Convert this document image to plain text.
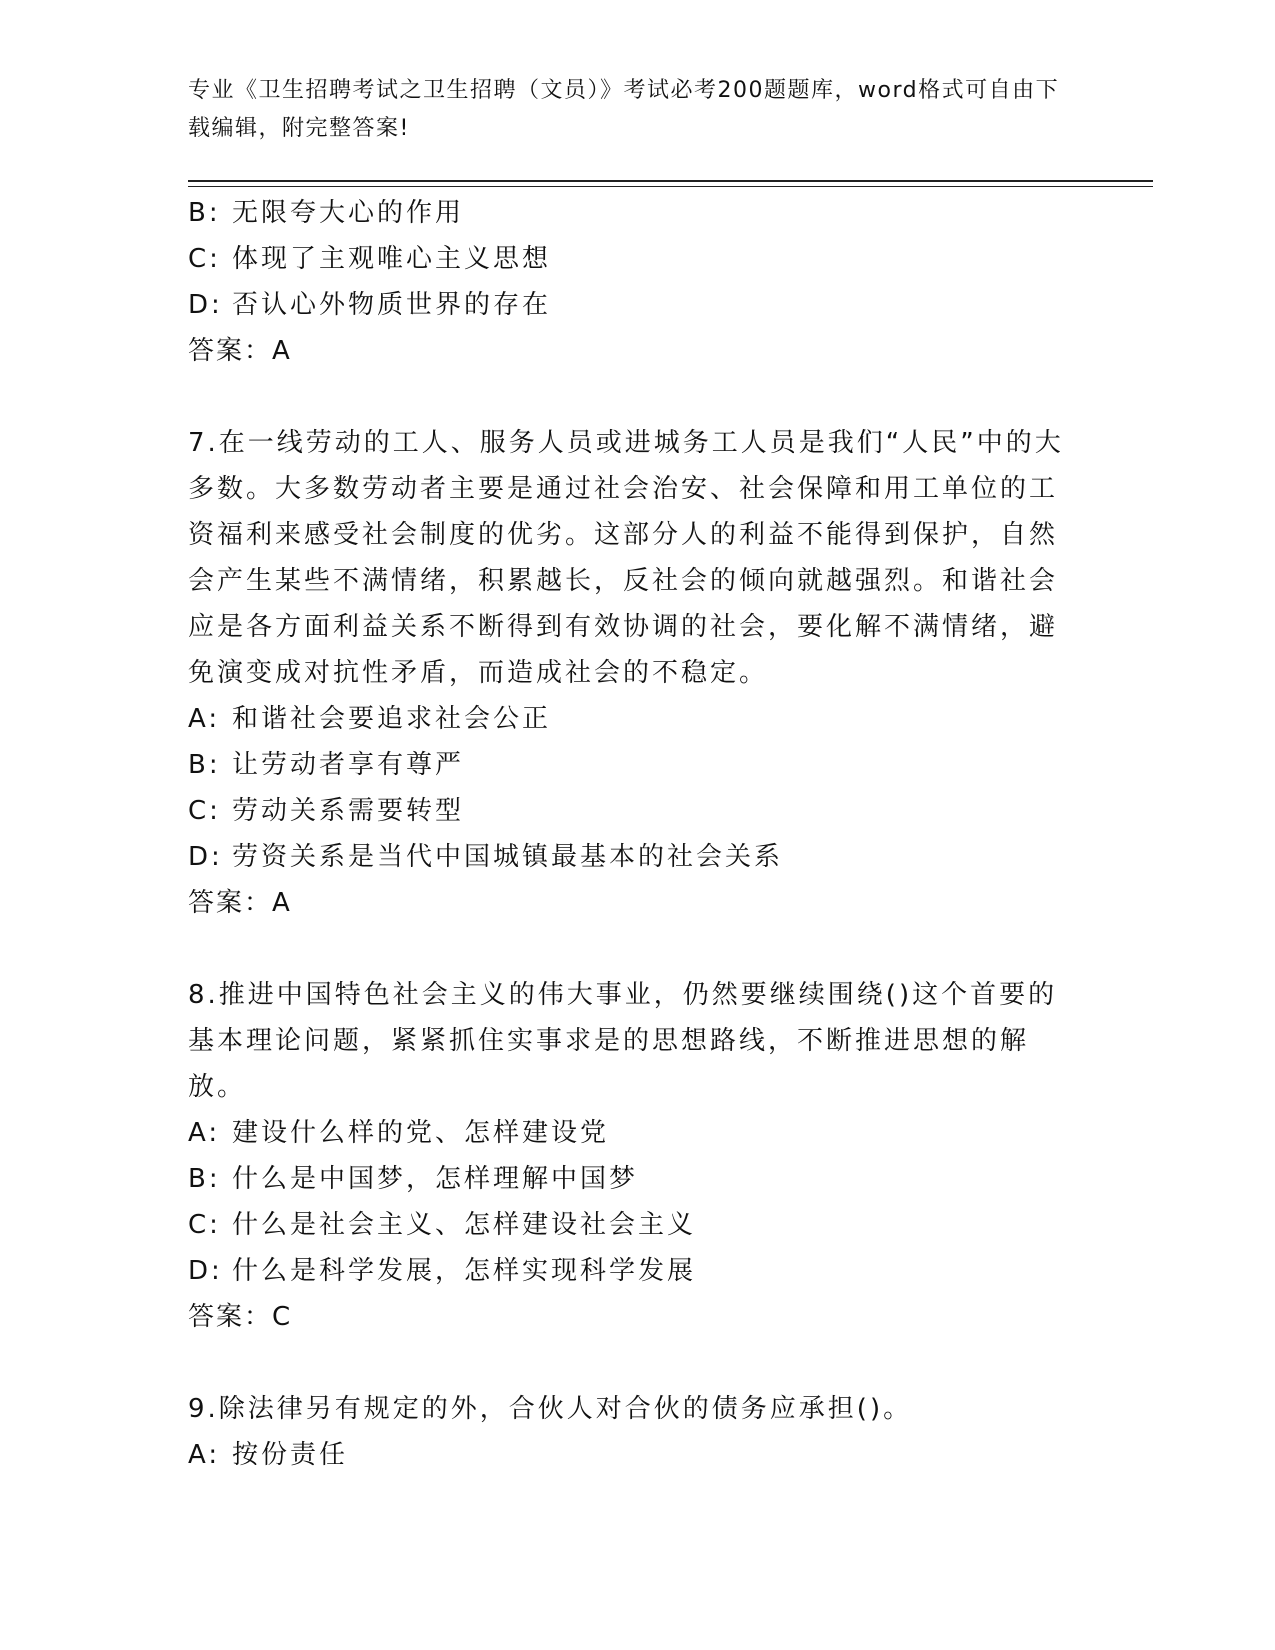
专业《卫生招聘考试之卫生招聘（文员）》考试必考200题题库，word格式可自由下载编辑，附完整答案!
B: 无限夸大心的作用
C: 体现了主观唯心主义思想
D: 否认心外物质世界的存在
答案：A
7.在一线劳动的工人、服务人员或进城务工人员是我们“人民”中的大多数。大多数劳动者主要是通过社会治安、社会保障和用工单位的工资福利来感受社会制度的优劣。这部分人的利益不能得到保护，自然会产生某些不满情绪，积累越长，反社会的倾向就越强烈。和谐社会应是各方面利益关系不断得到有效协调的社会，要化解不满情绪，避免演变成对抗性矛盾，而造成社会的不稳定。
A: 和谐社会要追求社会公正
B: 让劳动者享有尊严
C: 劳动关系需要转型
D: 劳资关系是当代中国城镇最基本的社会关系
答案：A
8.推进中国特色社会主义的伟大事业，仍然要继续围绕()这个首要的基本理论问题，紧紧抓住实事求是的思想路线，不断推进思想的解放。
A: 建设什么样的党、怎样建设党
B: 什么是中国梦，怎样理解中国梦
C: 什么是社会主义、怎样建设社会主义
D: 什么是科学发展，怎样实现科学发展
答案：C
9.除法律另有规定的外，合伙人对合伙的债务应承担()。
A: 按份责任
